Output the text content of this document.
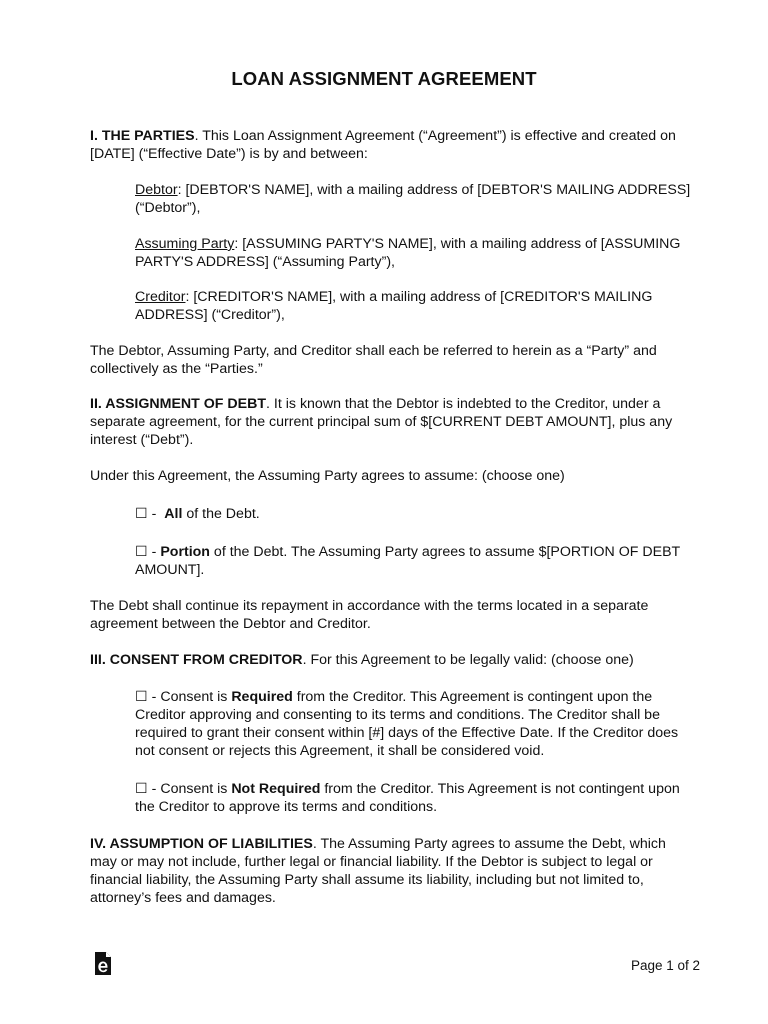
LOAN ASSIGNMENT AGREEMENT

I. THE PARTIES. This Loan Assignment Agreement (“Agreement”) is effective and created on [DATE] (“Effective Date”) is by and between:

Debtor: [DEBTOR'S NAME], with a mailing address of [DEBTOR'S MAILING ADDRESS] (“Debtor”),

Assuming Party: [ASSUMING PARTY'S NAME], with a mailing address of [ASSUMING PARTY'S ADDRESS] (“Assuming Party”),

Creditor: [CREDITOR'S NAME], with a mailing address of [CREDITOR'S MAILING ADDRESS] (“Creditor”),

The Debtor, Assuming Party, and Creditor shall each be referred to herein as a “Party” and collectively as the “Parties.”

II. ASSIGNMENT OF DEBT. It is known that the Debtor is indebted to the Creditor, under a separate agreement, for the current principal sum of $[CURRENT DEBT AMOUNT], plus any interest (“Debt”).

Under this Agreement, the Assuming Party agrees to assume: (choose one)

☐ -  All of the Debt.

☐ - Portion of the Debt. The Assuming Party agrees to assume $[PORTION OF DEBT AMOUNT].

The Debt shall continue its repayment in accordance with the terms located in a separate agreement between the Debtor and Creditor.

III. CONSENT FROM CREDITOR. For this Agreement to be legally valid: (choose one)

☐ - Consent is Required from the Creditor. This Agreement is contingent upon the Creditor approving and consenting to its terms and conditions. The Creditor shall be required to grant their consent within [#] days of the Effective Date. If the Creditor does not consent or rejects this Agreement, it shall be considered void.

☐ - Consent is Not Required from the Creditor. This Agreement is not contingent upon the Creditor to approve its terms and conditions.

IV. ASSUMPTION OF LIABILITIES. The Assuming Party agrees to assume the Debt, which may or may not include, further legal or financial liability. If the Debtor is subject to legal or financial liability, the Assuming Party shall assume its liability, including but not limited to, attorney’s fees and damages.

Page 1 of 2
